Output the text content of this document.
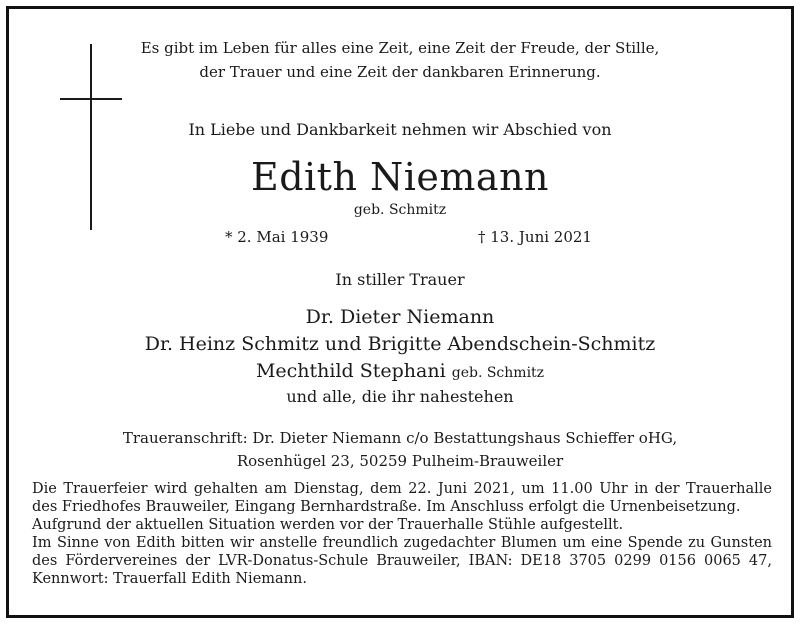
Es gibt im Leben für alles eine Zeit, eine Zeit der Freude, der Stille,
der Trauer und eine Zeit der dankbaren Erinnerung.
In Liebe und Dankbarkeit nehmen wir Abschied von
Edith Niemann
geb. Schmitz
* 2. Mai 1939	† 13. Juni 2021
In stiller Trauer
Dr. Dieter Niemann
Dr. Heinz Schmitz und Brigitte Abendschein-Schmitz
Mechthild Stephani geb. Schmitz
und alle, die ihr nahestehen
Traueranschrift: Dr. Dieter Niemann c/o Bestattungshaus Schieffer oHG,
Rosenhügel 23, 50259 Pulheim-Brauweiler

Die Trauerfeier wird gehalten am Dienstag, dem 22. Juni 2021, um 11.00 Uhr in der Trauerhalle des Friedhofes Brauweiler, Eingang Bernhardstraße. Im Anschluss erfolgt die Urnenbeisetzung.

Aufgrund der aktuellen Situation werden vor der Trauerhalle Stühle aufgestellt.

Im Sinne von Edith bitten wir anstelle freundlich zugedachter Blumen um eine Spende zu Gunsten des Fördervereines der LVR-Donatus-Schule Brauweiler, IBAN: DE18 3705 0299 0156 0065 47, Kennwort: Trauerfall Edith Niemann.
